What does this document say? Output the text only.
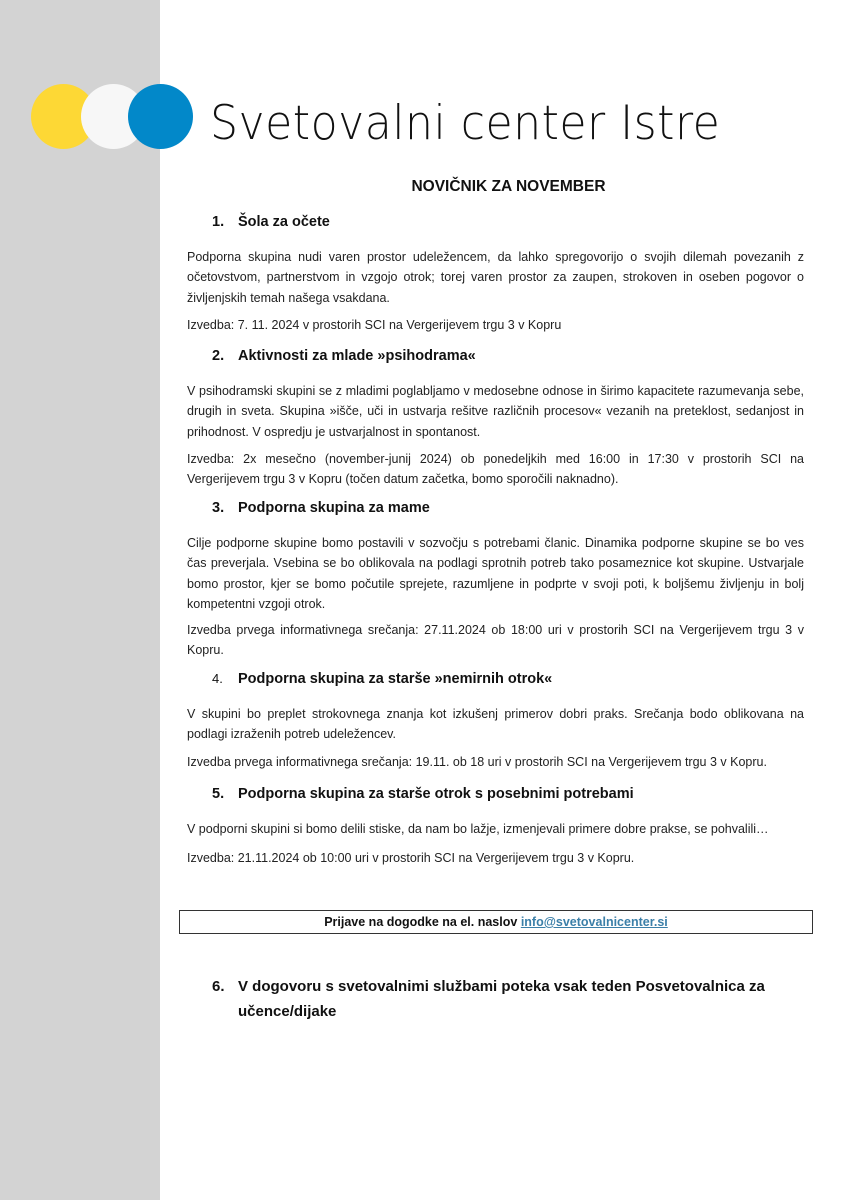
Svetovalni center Istre
NOVIČNIK ZA NOVEMBER
1. Šola za očete

Podporna skupina nudi varen prostor udeležencem, da lahko spregovorijo o svojih dilemah povezanih z očetovstvom, partnerstvom in vzgojo otrok; torej varen prostor za zaupen, strokoven in oseben pogovor o življenjskih temah našega vsakdana.

Izvedba: 7. 11. 2024 v prostorih SCI na Vergerijevem trgu 3 v Kopru

2. Aktivnosti za mlade »psihodrama«

V psihodramski skupini se z mladimi poglabljamo v medosebne odnose in širimo kapacitete razumevanja sebe, drugih in sveta. Skupina »išče, uči in ustvarja rešitve različnih procesov« vezanih na preteklost, sedanjost in prihodnost. V ospredju je ustvarjalnost in spontanost.

Izvedba: 2x mesečno (november-junij 2024) ob ponedeljkih med 16:00 in 17:30 v prostorih SCI na Vergerijevem trgu 3 v Kopru (točen datum začetka, bomo sporočili naknadno).

3. Podporna skupina za mame

Cilje podporne skupine bomo postavili v sozvočju s potrebami članic. Dinamika podporne skupine se bo ves čas preverjala. Vsebina se bo oblikovala na podlagi sprotnih potreb tako posameznice kot skupine. Ustvarjale bomo prostor, kjer se bomo počutile sprejete, razumljene in podprte v svoji poti, k boljšemu življenju in bolj kompetentni vzgoji otrok.

Izvedba prvega informativnega srečanja: 27.11.2024 ob 18:00 uri v prostorih SCI na Vergerijevem trgu 3 v Kopru.

4. Podporna skupina za starše »nemirnih otrok«

V skupini bo preplet strokovnega znanja kot izkušenj primerov dobri praks. Srečanja bodo oblikovana na podlagi izraženih potreb udeležencev.

Izvedba prvega informativnega srečanja: 19.11. ob 18 uri v prostorih SCI na Vergerijevem trgu 3 v Kopru.

5. Podporna skupina za starše otrok s posebnimi potrebami

V podporni skupini si bomo delili stiske, da nam bo lažje, izmenjevali primere dobre prakse, se pohvalili…

Izvedba: 21.11.2024 ob 10:00 uri v prostorih SCI na Vergerijevem trgu 3 v Kopru.

Prijave na dogodke na el. naslov info@svetovalnicenter.si
6. V dogovoru s svetovalnimi službami poteka vsak teden Posvetovalnica za učence/dijake
